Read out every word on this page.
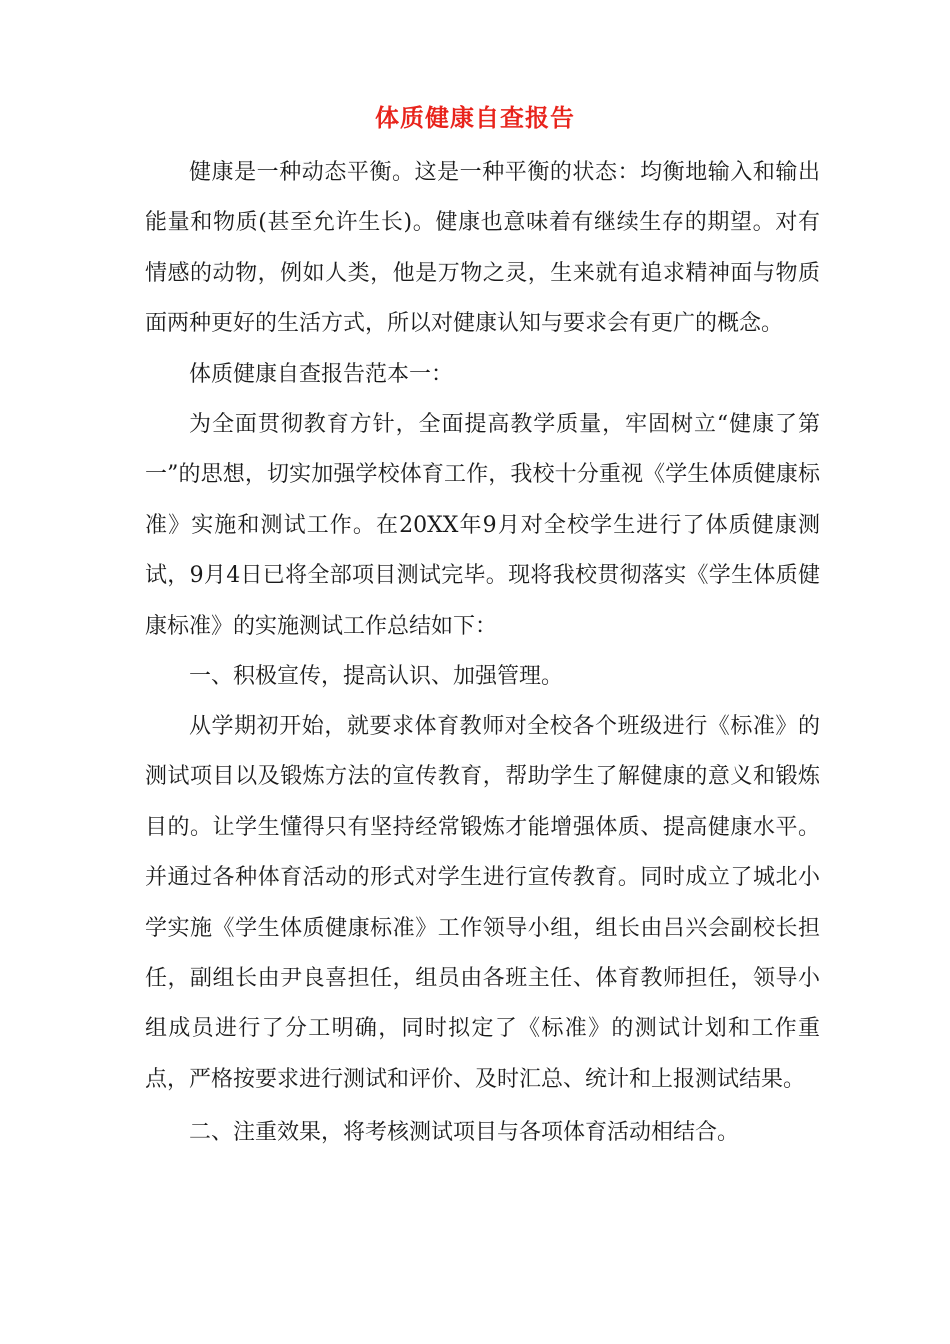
体质健康自查报告

健康是一种动态平衡。这是一种平衡的状态：均衡地输入和输出能量和物质(甚至允许生长)。健康也意味着有继续生存的期望。对有情感的动物，例如人类，他是万物之灵，生来就有追求精神面与物质面两种更好的生活方式，所以对健康认知与要求会有更广的概念。

体质健康自查报告范本一：

为全面贯彻教育方针，全面提高教学质量，牢固树立“健康了第一”的思想，切实加强学校体育工作，我校十分重视《学生体质健康标准》实施和测试工作。在20XX年9月对全校学生进行了体质健康测试，9月4日已将全部项目测试完毕。现将我校贯彻落实《学生体质健康标准》的实施测试工作总结如下：

一、积极宣传，提高认识、加强管理。

从学期初开始，就要求体育教师对全校各个班级进行《标准》的测试项目以及锻炼方法的宣传教育，帮助学生了解健康的意义和锻炼目的。让学生懂得只有坚持经常锻炼才能增强体质、提高健康水平。并通过各种体育活动的形式对学生进行宣传教育。同时成立了城北小学实施《学生体质健康标准》工作领导小组，组长由吕兴会副校长担任，副组长由尹良喜担任，组员由各班主任、体育教师担任，领导小组成员进行了分工明确，同时拟定了《标准》的测试计划和工作重点，严格按要求进行测试和评价、及时汇总、统计和上报测试结果。

二、注重效果，将考核测试项目与各项体育活动相结合。
